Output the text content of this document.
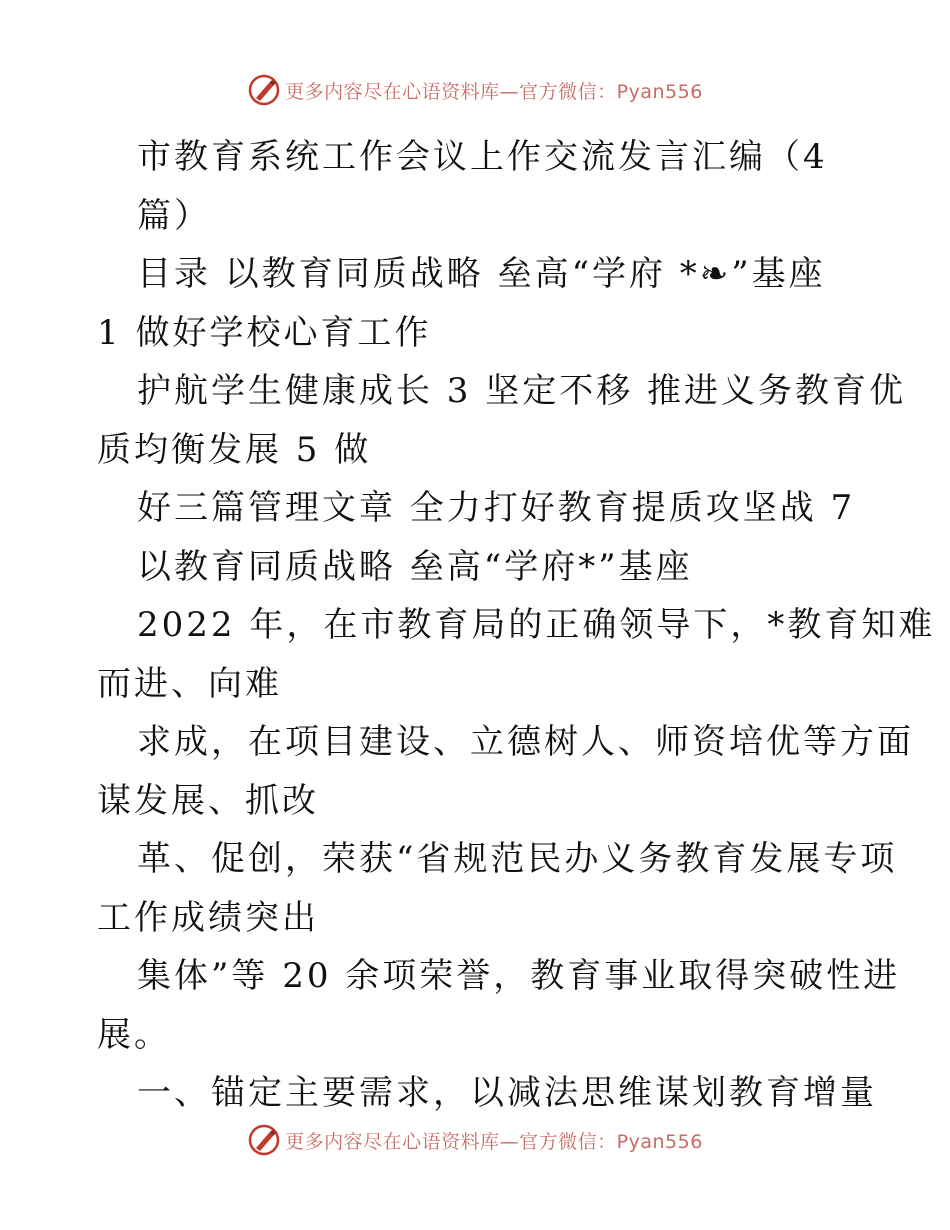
更多内容尽在心语资料库—官方微信：Pyan556
市教育系统工作会议上作交流发言汇编（4
篇）
目录 以教育同质战略 垒高“学府 *❧”基座
1 做好学校心育工作
护航学生健康成长 3 坚定不移 推进义务教育优
质均衡发展 5 做
好三篇管理文章 全力打好教育提质攻坚战 7
以教育同质战略 垒高“学府*”基座
2022 年，在市教育局的正确领导下，*教育知难
而进、向难
求成，在项目建设、立德树人、师资培优等方面
谋发展、抓改
革、促创，荣获“省规范民办义务教育发展专项
工作成绩突出
集体”等 20 余项荣誉，教育事业取得突破性进
展。
一、锚定主要需求，以减法思维谋划教育增量
更多内容尽在心语资料库—官方微信：Pyan556
